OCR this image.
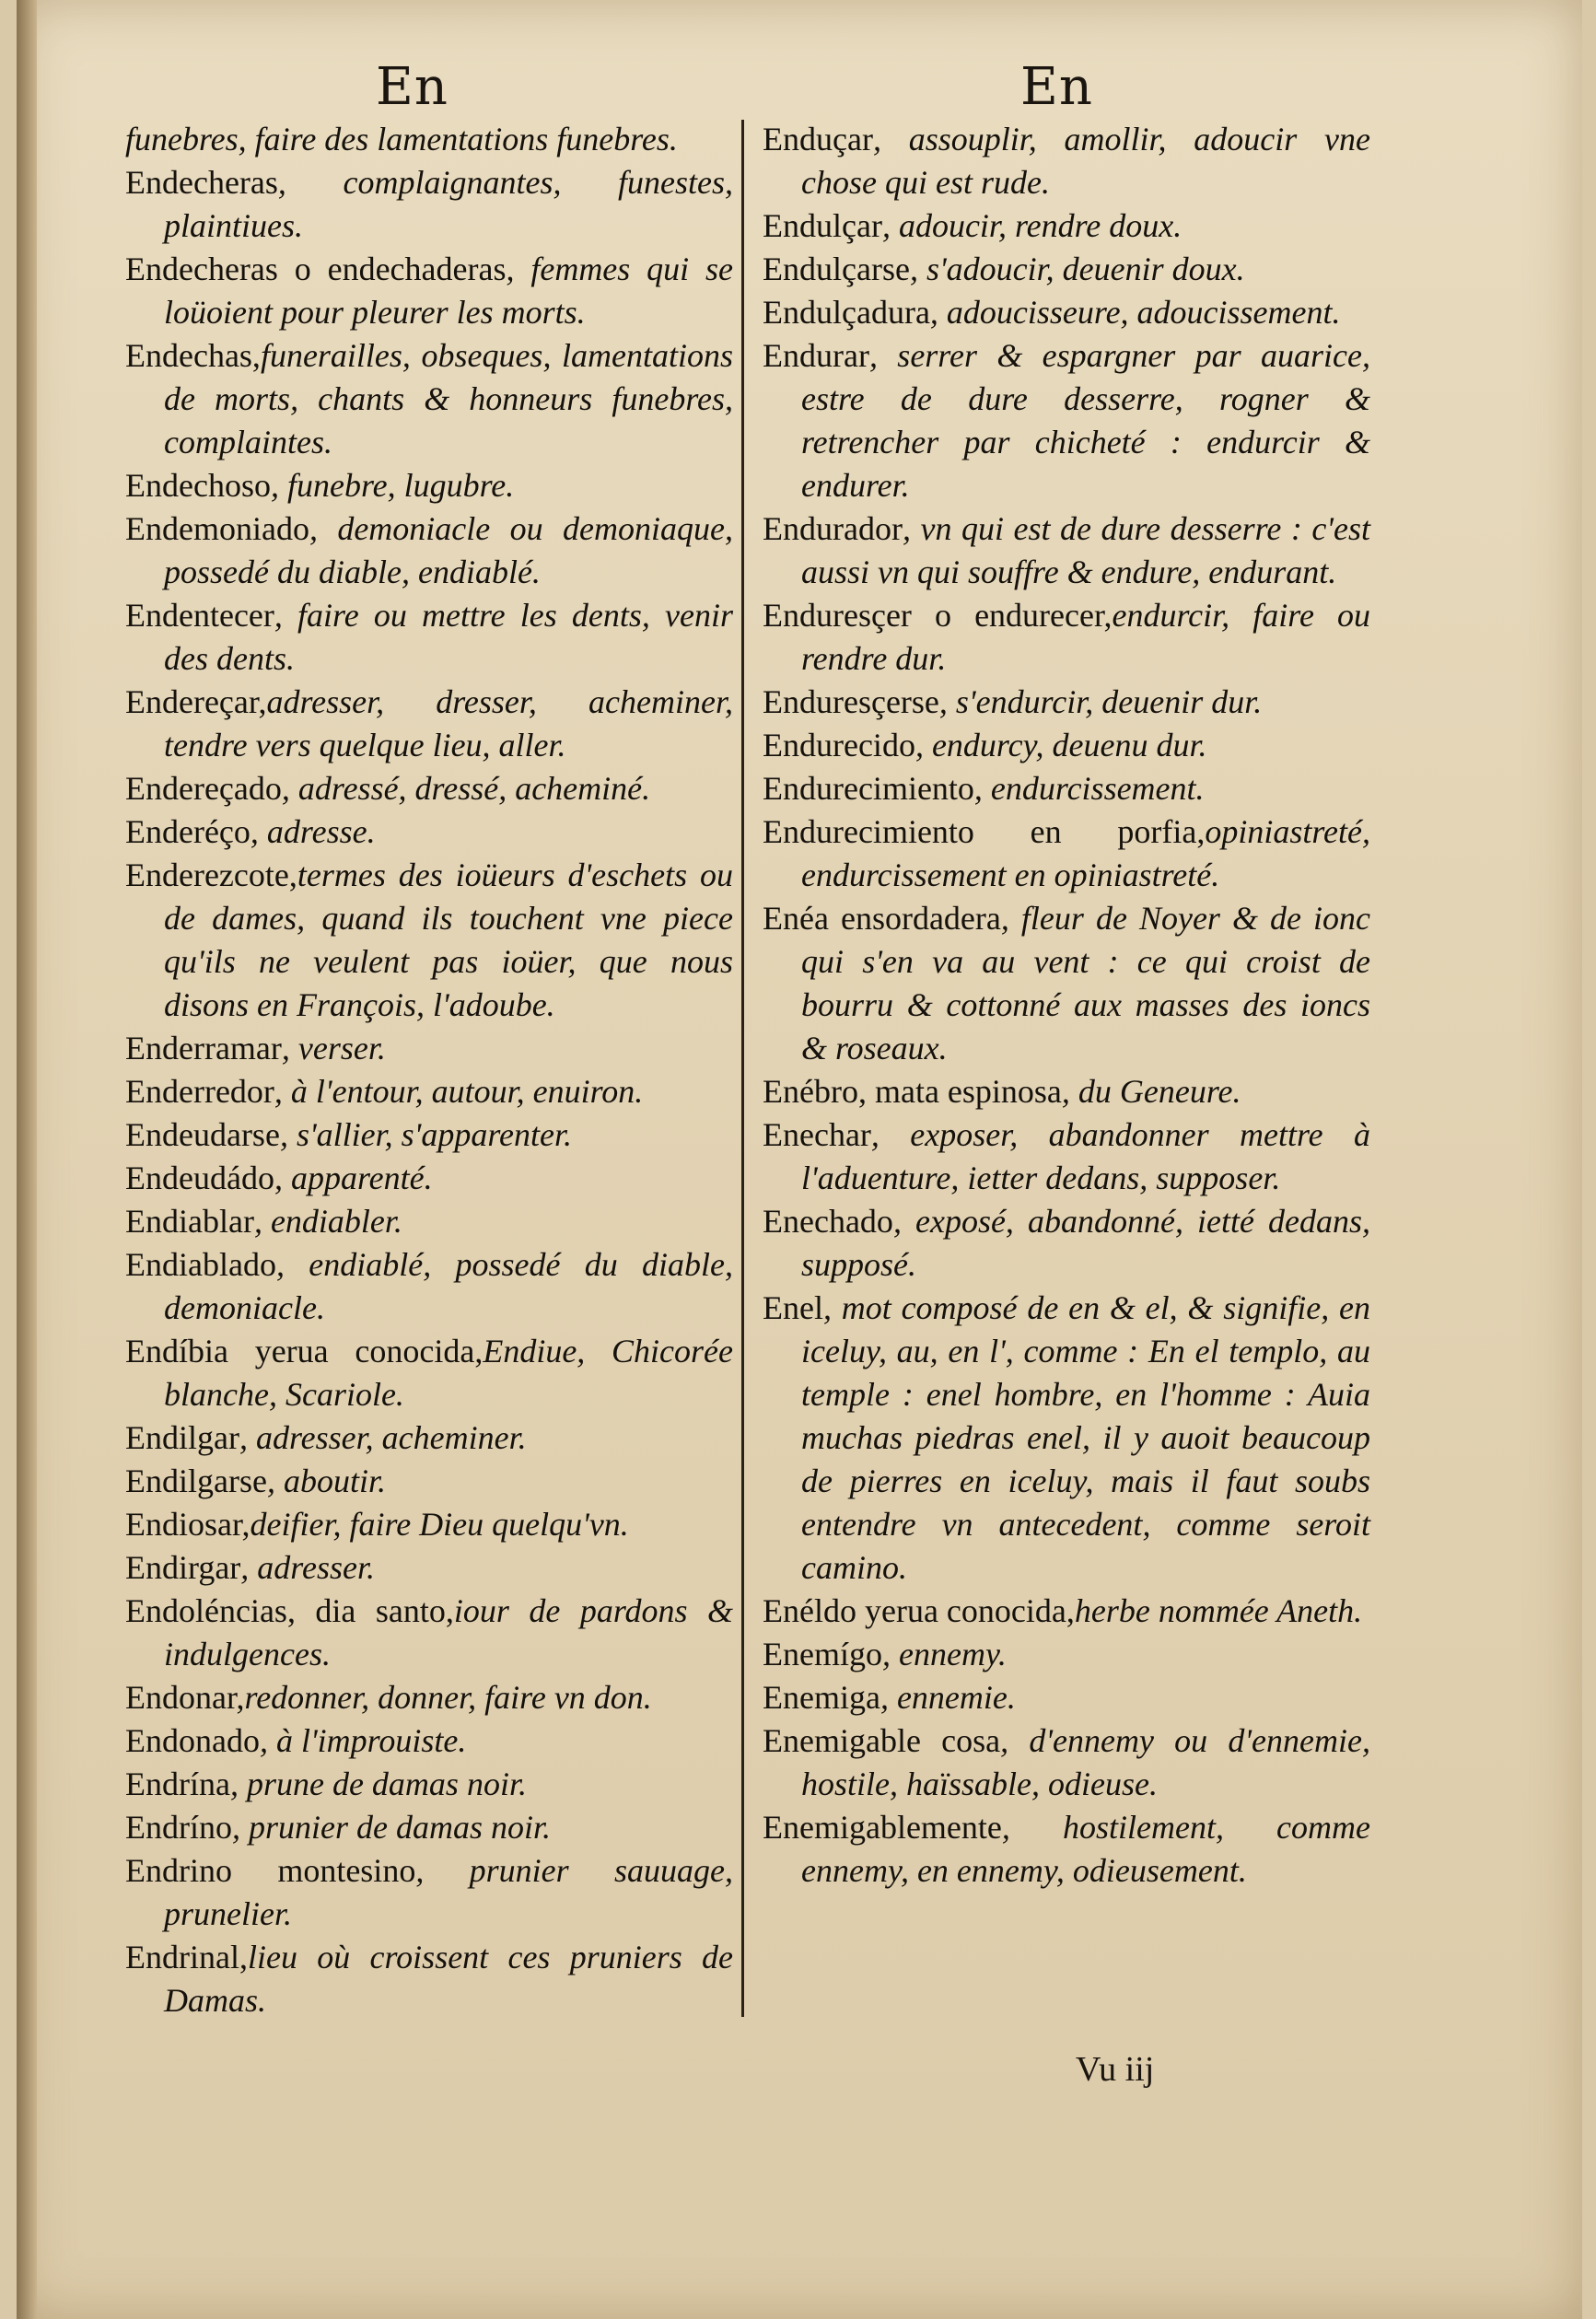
En	En

funebres, faire des lamentations funebres.

Endecheras, complaignantes, funestes, plaintiues.

Endecheras o endechaderas, femmes qui se loüoient pour pleurer les morts.

Endechas,funerailles, obseques, lamentations de morts, chants & honneurs funebres, complaintes.

Endechoso, funebre, lugubre.

Endemoniado, demoniacle ou demoniaque, possedé du diable, endiablé.

Endentecer, faire ou mettre les dents, venir des dents.

Endereçar,adresser, dresser, acheminer, tendre vers quelque lieu, aller.

Endereçado, adressé, dressé, acheminé.

Enderéço, adresse.

Enderezcote,termes des ioüeurs d'eschets ou de dames, quand ils touchent vne piece qu'ils ne veulent pas ioüer, que nous disons en François, l'adoube.

Enderramar, verser.

Enderredor, à l'entour, autour, enuiron.

Endeudarse, s'allier, s'apparenter.

Endeudádo, apparenté.

Endiablar, endiabler.

Endiablado, endiablé, possedé du diable, demoniacle.

Endíbia yerua conocida,Endiue, Chicorée blanche, Scariole.

Endilgar, adresser, acheminer.

Endilgarse, aboutir.

Endiosar,deifier, faire Dieu quelqu'vn.

Endirgar, adresser.

Endoléncias, dia santo,iour de pardons & indulgences.

Endonar,redonner, donner, faire vn don.

Endonado, à l'improuiste.

Endrína, prune de damas noir.

Endríno, prunier de damas noir.

Endrino montesino, prunier sauuage, prunelier.

Endrinal,lieu où croissent ces pruniers de Damas.

Enduçar, assouplir, amollir, adoucir vne chose qui est rude.

Endulçar, adoucir, rendre doux.

Endulçarse, s'adoucir, deuenir doux.

Endulçadura, adoucisseure, adoucissement.

Endurar, serrer & espargner par auarice, estre de dure desserre, rogner & retrencher par chicheté : endurcir & endurer.

Endurador, vn qui est de dure desserre : c'est aussi vn qui souffre & endure, endurant.

Enduresçer o endurecer,endurcir, faire ou rendre dur.

Enduresçerse, s'endurcir, deuenir dur.

Endurecido, endurcy, deuenu dur.

Endurecimiento, endurcissement.

Endurecimiento en porfia,opiniastreté, endurcissement en opiniastreté.

Enéa ensordadera, fleur de Noyer & de ionc qui s'en va au vent : ce qui croist de bourru & cottonné aux masses des ioncs & roseaux.

Enébro, mata espinosa, du Geneure.

Enechar, exposer, abandonner mettre à l'aduenture, ietter dedans, supposer.

Enechado, exposé, abandonné, ietté dedans, supposé.

Enel, mot composé de en & el, & signifie, en iceluy, au, en l', comme : En el templo, au temple : enel hombre, en l'homme : Auia muchas piedras enel, il y auoit beaucoup de pierres en iceluy, mais il faut soubs entendre vn antecedent, comme seroit camino.

Enéldo yerua conocida,herbe nommée Aneth.

Enemígo, ennemy.

Enemiga, ennemie.

Enemigable cosa, d'ennemy ou d'ennemie, hostile, haïssable, odieuse.

Enemigablemente, hostilement, comme ennemy, en ennemy, odieusement.

Vu iij
